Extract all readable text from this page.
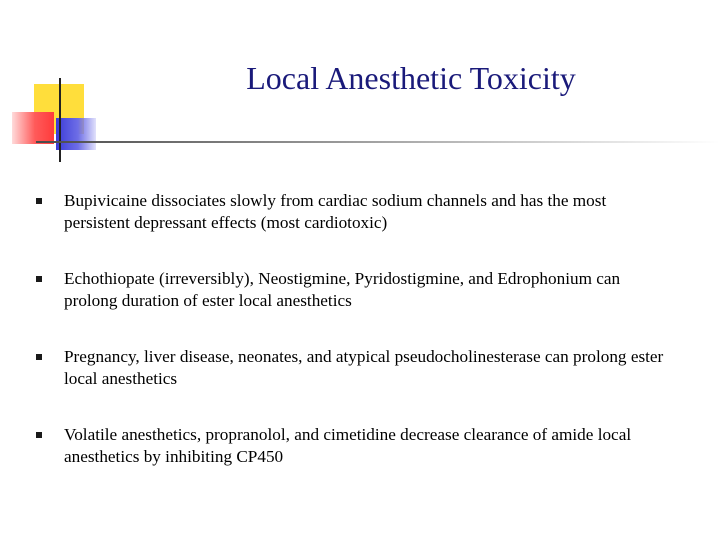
Local Anesthetic Toxicity
Bupivicaine dissociates slowly from cardiac sodium channels and has the most persistent depressant effects (most cardiotoxic)
Echothiopate (irreversibly), Neostigmine, Pyridostigmine, and Edrophonium can prolong duration of ester local anesthetics
Pregnancy, liver disease, neonates, and atypical pseudocholinesterase can prolong ester local anesthetics
Volatile anesthetics, propranolol, and cimetidine decrease clearance of amide local anesthetics by inhibiting CP450
